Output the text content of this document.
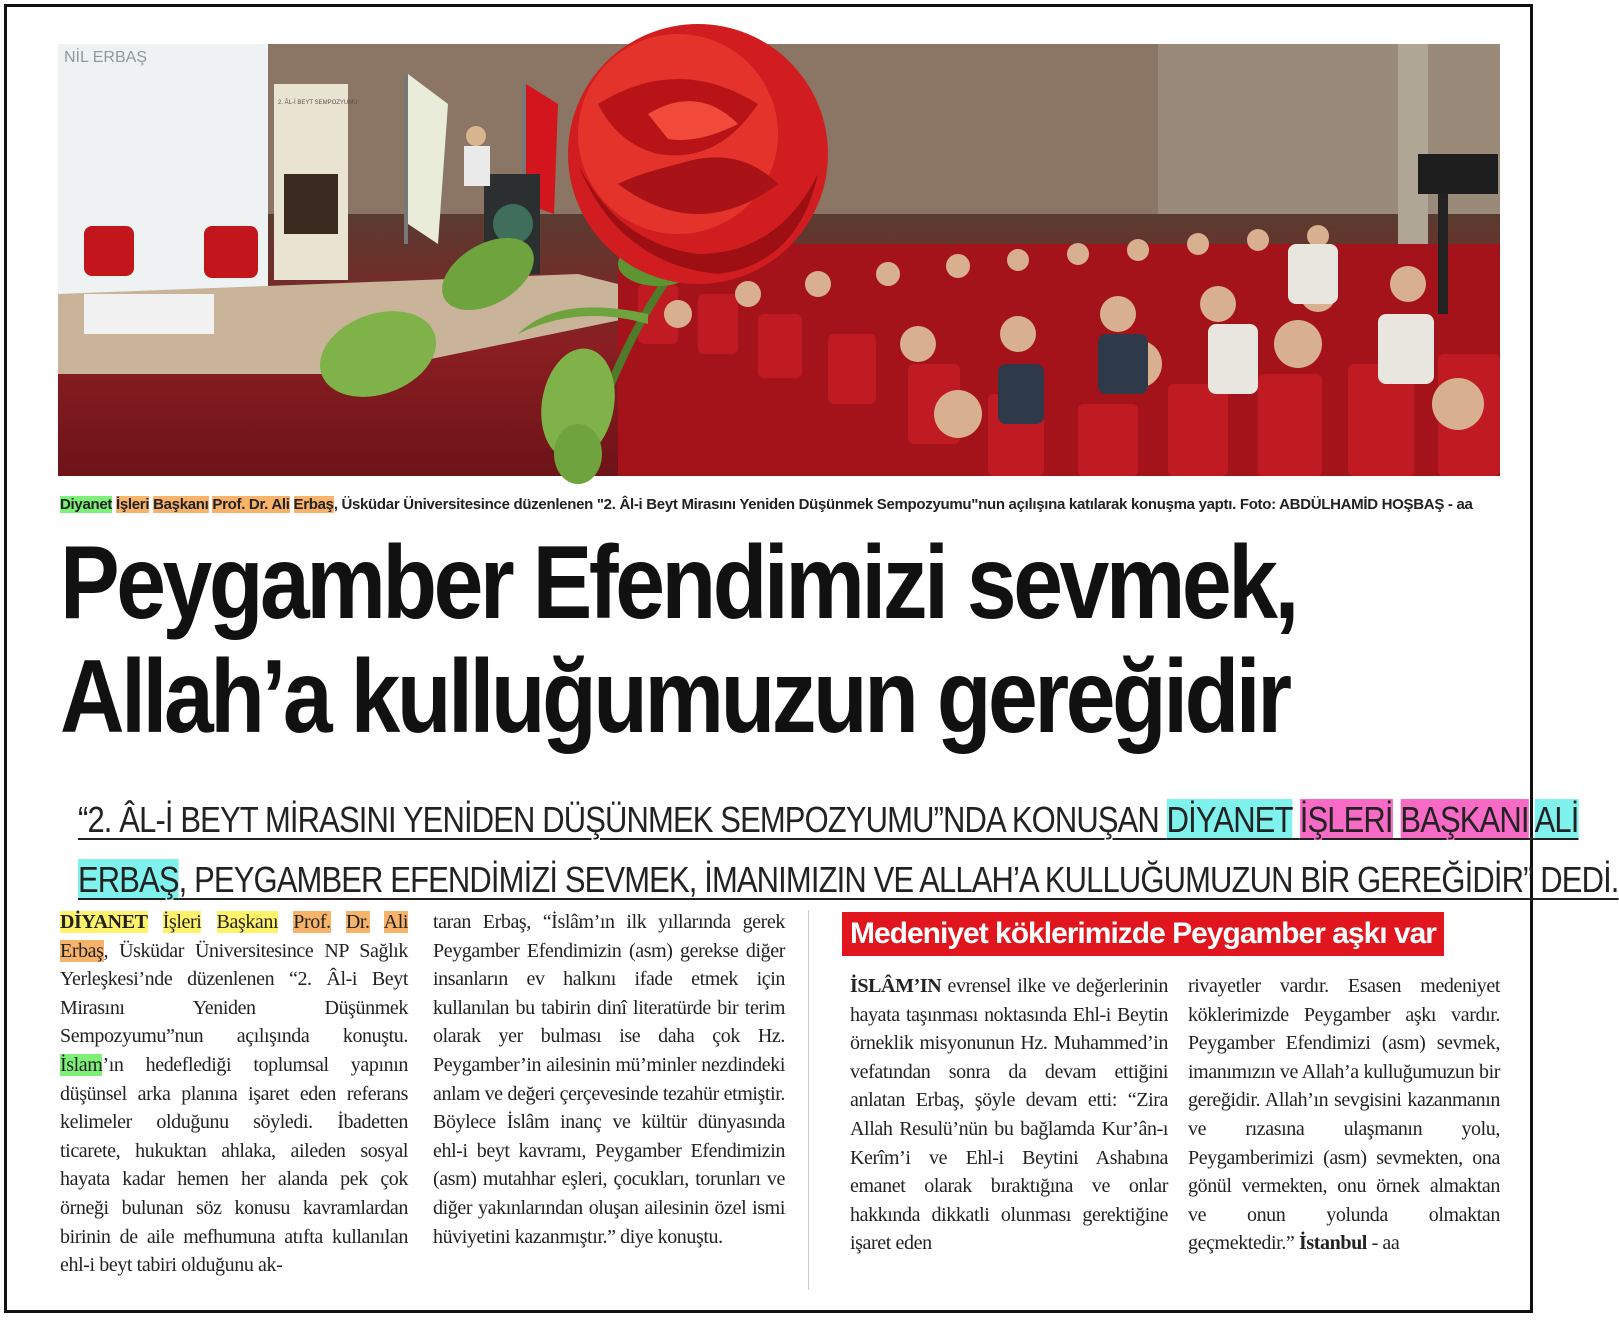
NİL ERBAŞ
2. ÂL-İ BEYT SEMPOZYUMU
Diyanet İşleri Başkanı Prof. Dr. Ali Erbaş, Üsküdar Üniversitesince düzenlenen "2. Âl-i Beyt Mirasını Yeniden Düşünmek Sempozyumu"nun açılışına katılarak konuşma yaptı. Foto: ABDÜLHAMİD HOŞBAŞ - aa
Peygamber Efendimizi sevmek,
Allah’a kulluğumuzun gereğidir
“2. ÂL-İ BEYT MİRASINI YENİDEN DÜŞÜNMEK SEMPOZYUMU”NDA KONUŞAN DİYANET İŞLERİ BAŞKANI ALİ
ERBAŞ, PEYGAMBER EFENDİMİZİ SEVMEK, İMANIMIZIN VE ALLAH’A KULLUĞUMUZUN BİR GEREĞİDİR” DEDİ.

DİYANET İşleri Başkanı Prof. Dr. Ali Erbaş, Üsküdar Üniversitesince NP Sağlık Yerleşkesi’nde düzenlenen “2. Âl-i Beyt Mirasını Yeniden Düşünmek Sempozyumu”nun açılışında konuştu. İslam’ın hedeflediği toplumsal yapının düşünsel arka planına işaret eden referans kelimeler olduğunu söyledi. İbadetten ticarete, hukuktan ahlaka, aileden sosyal hayata kadar hemen her alanda pek çok örneği bulunan söz konusu kavramlardan birinin de aile mefhumuna atıfta kullanılan ehl-i beyt tabiri olduğunu ak-

taran Erbaş, “İslâm’ın ilk yıllarında gerek Peygamber Efendimizin (asm) gerekse diğer insanların ev halkını ifade etmek için kullanılan bu tabirin dinî literatürde bir terim olarak yer bulması ise daha çok Hz. Peygamber’in ailesinin mü’minler nezdindeki anlam ve değeri çerçevesinde tezahür etmiştir. Böylece İslâm inanç ve kültür dünyasında ehl-i beyt kavramı, Peygamber Efendimizin (asm) mutahhar eşleri, çocukları, torunları ve diğer yakınlarından oluşan ailesinin özel ismi hüviyetini kazanmıştır.” diye konuştu.

Medeniyet köklerimizde Peygamber aşkı var

İSLÂM’IN evrensel ilke ve değerlerinin hayata taşınması noktasında Ehl-i Beytin örneklik misyonunun Hz. Muhammed’in vefatından sonra da devam ettiğini anlatan Erbaş, şöyle devam etti: “Zira Allah Resulü’nün bu bağlamda Kur’ân-ı Kerîm’i ve Ehl-i Beytini Ashabına emanet olarak bıraktığına ve onlar hakkında dikkatli olunması gerektiğine işaret eden

rivayetler vardır. Esasen medeniyet köklerimizde Peygamber aşkı vardır. Peygamber Efendimizi (asm) sevmek, imanımızın ve Allah’a kulluğumuzun bir gereğidir. Allah’ın sevgisini kazanmanın ve rızasına ulaşmanın yolu, Peygamberimizi (asm) sevmekten, ona gönül vermekten, onu örnek almaktan ve onun yolunda olmaktan geçmektedir.” İstanbul - aa
